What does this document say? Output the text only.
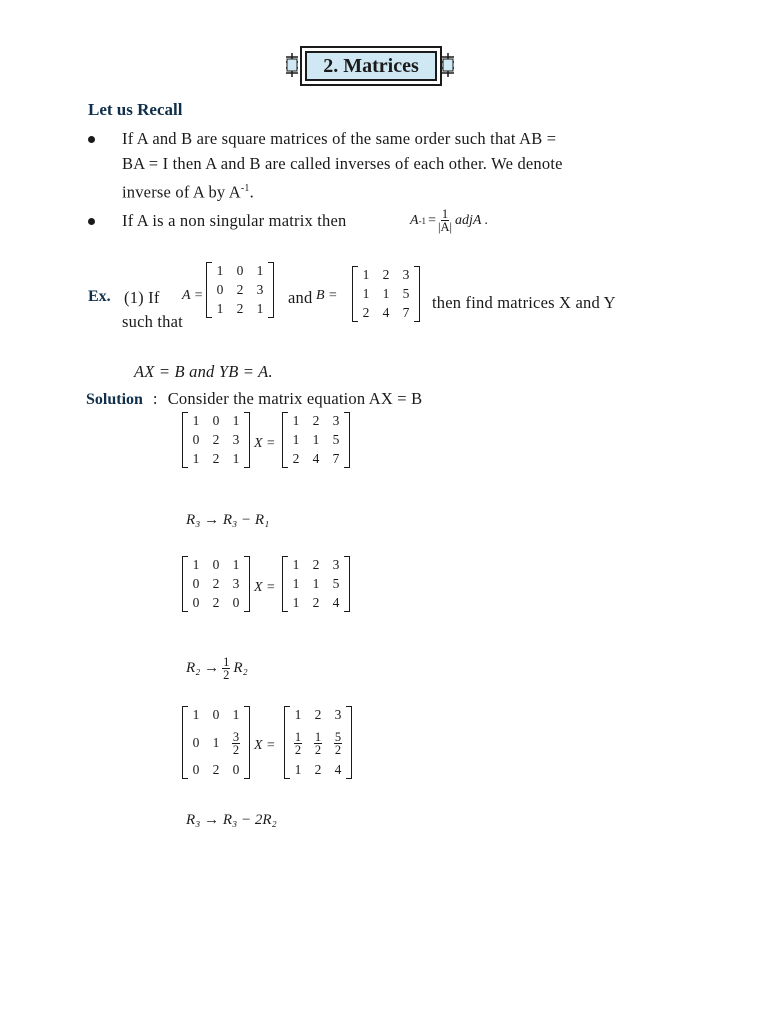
2. Matrices
Let us Recall
If A and B are square matrices of the same order such that AB =
BA = I then A and B are called inverses of each other. We denote
inverse of A by $A^{-1}$.
If A is a non singular matrix then	A $-1 = \frac{1}{|A|}$ adjA .
Ex. (1) If A =
1 0 1
0 2 3
1 2 1
and B =
1 2 3
1 1 5
2 4 7
then find matrices X and Y
such that
AX = B and YB = A.
Solution : Consider the matrix equation AX = B
1 0 1
0 2 3
1 2 1
X =
1 2 3
1 1 5
2 4 7
R₃ → R₃ − R₁
1 0 1
0 2 3
0 2 0
X =
1 2 3
1 1 5
1 2 4
$R_2 \to \frac{1}{2} R_2$
1 0 1
0 1	$\frac{3}{2}$
0 2 0
X =
1 2 3
$\frac{1}{2} \frac{1}{2} \frac{5}{2}$
1 2 4
R₃ → R₃ − 2R₂
